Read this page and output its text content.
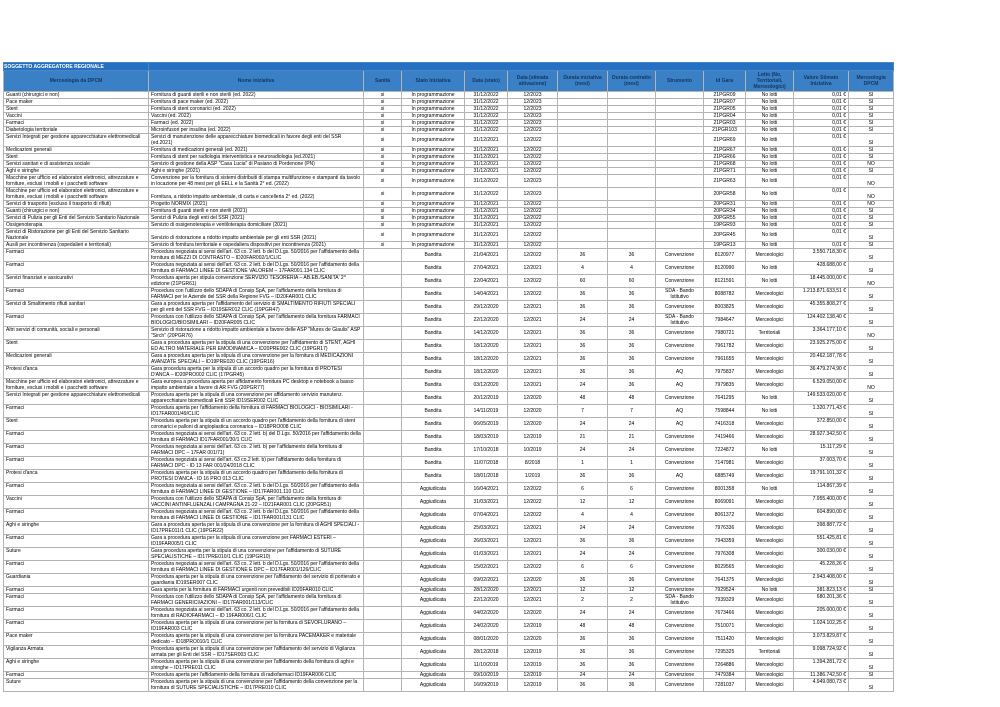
SOGGETTO AGGREGATORE REGIONALE												
Merceologia da DPCM	Nome iniziativa	Sanità	Stato Iniziativa	Data (stato)	Data (stimata attivazione)	Durata iniziativa (mesi)	Durata contratto (mesi)	Strumento	Id Gara	Lotto (No, Territoriali, Merceologici)	Valore Stimato Iniziativa	Merceologia DPCM
Guanti (chirurgici e non)	Fornitura di guanti sterili e non sterili (ed. 2022)	si	In programmazione	31/12/2022	12/2023				21PGR09	No lotti	0,01 €	SI
Pace maker	Fornitura di pace maker (ed. 2022)	si	In programmazione	31/12/2022	12/2023				21PGR07	No lotti	0,01 €	SI
Stent	Fornitura di stent coronarici (ed. 2022)	si	In programmazione	31/12/2022	12/2023				21PGR05	No lotti	0,01 €	SI
Vaccini	Vaccini (ed. 2022)	si	In programmazione	31/12/2022	12/2023				21PGR04	No lotti	0,01 €	SI
Farmaci	Farmaci (ed. 2022)	si	In programmazione	31/12/2022	12/2023				21PGR03	No lotti	0,01 €	SI
Diabetologia territoriale	Microinfusori per insulina (ed. 2022)	si	In programmazione	31/12/2022	12/2023				21PGR103	No lotti	0,01 €	SI
Servizi Integrati per gestione apparecchiature elettromedicali	Servizi di manutenzione delle apparecchiature biomedicali in favore degli enti del SSR (ed.2021)	si	In programmazione	31/12/2021	12/2022				21PGR69	No lotti	0,01 €	SI
Medicazioni generali	Fornitura di medicazioni generali (ed. 2021)	si	In programmazione	31/12/2021	12/2022				21PGR67	No lotti	0,01 €	SI
Stent	Fornitura di stent per radiologia interventistica e neuroradiologia (ed.2021)	si	In programmazione	31/12/2021	12/2022				21PGR66	No lotti	0,01 €	SI
Servizi sanitari e di assistenza sociale	Servizio di gestione della ASP "Casa Lucia" di Pasiano di Pordenone (PN)	si	In programmazione	31/12/2021	12/2022				21PGR68	No lotti	0,01 €	NO
Aghi e siringhe	Aghi e siringhe (2021)	si	In programmazione	31/12/2021	12/2022				21PGR71	No lotti	0,01 €	SI
Macchine per ufficio ed elaboratori elettronici, attrezzature e forniture, esclusi i mobili e i pacchetti software	Convenzione per la fornitura di sistemi distribuiti di stampa multifunzione e stampanti da tavolo in locazione per 48 mesi per gli EELL e la Sanità 2° ed. (2022)	si	In programmazione	31/12/2022	12/2023				21PGR63	No lotti	0,01 €	NO
Macchine per ufficio ed elaboratori elettronici, attrezzature e forniture, esclusi i mobili e i pacchetti software	Fornitura, a ridotto impatto ambientale, di carta e cancelleria 2° ed. (2022)	si	In programmazione	31/12/2022	12/2023				20PGR58	No lotti	0,01 €	NO
Servizi di trasporto (escluso il trasporto di rifiuti)	Progetto NORMIX (2021)	si	In programmazione	31/12/2021	12/2022				20PGR31	No lotti	0,01 €	NO
Guanti (chirurgici e non)	Fornitura di guanti sterili e non sterili (2021)	si	In programmazione	31/12/2021	12/2022				20PGR34	No lotti	0,01 €	SI
Servizi di Pulizia per gli Enti del Servizio Sanitario Nazionale	Servizi di Pulizia degli enti del SSR (2021)	si	In programmazione	31/12/2021	12/2022				20PGR55	No lotti	0,01 €	SI
Ossigenoterapia	Servizio di ossigenoterapia e ventiloterapia domiciliare (2021)	si	In programmazione	31/12/2021	12/2022				19PGR93	No lotti	0,01 €	SI
Servizi di Ristorazione per gli Enti del Servizio Sanitario Nazionale	Servizio di ristorazione a ridotto impatto ambientale per gli enti SSR (2021)	si	In programmazione	31/12/2021	12/2022				20PGR45	No lotti	0,01 €	SI
Ausili per incontinenza (ospedalieri e territoriali)	Servizio di fornitura territoriale e ospedaliera dispositivi per incontinenza (2021)	si	In programmazione	31/12/2021	12/2022				19PGR13	No lotti	0,01 €	SI
Farmaci	Procedura negoziata ai sensi dell'art. 63 co. 2 lett. b del D.Lgs. 50/2016 per l'affidamento della fornitura di MEZZI DI CONTRASTO – ID20FAR002/1/CLIC		Bandita	21/04/2021	12/2022	36	36	Convenzione	8120977	Merceologici	3.550.718,30 €	SI
Farmaci	Procedura negoziata ai sensi dell'art. 63 co. 2 lett. b del D.Lgs. 50/2016 per l'affidamento della fornitura di FARMACI LINEE DI GESTIONE VALOREM – 17FAR001.134 CLIC		Bandita	27/04/2021	12/2021	4	4	Convenzione	8120990	No lotti	428.688,00 €	SI
Servizi finanziari e assicurativi	Procedura aperta per stipula convenzione SERVIZIO TESORERIA – AB.EB./SANITA' 2^ edizione (21PGR61)		Bandita	22/04/2021	12/2022	60	60	Convenzione	8121591	No lotti	18.445.000,00 €	NO
Farmaci	Procedura con l'utilizzo dello SDAPA di Consip SpA, per l'affidamento della fornitura di FARMACI per le Aziende del SSR della Regione FVG – ID20FAR001 CLIC		Bandita	14/04/2021	12/2022	36	36	SDA - Bando Istitutivo	8088782	Merceologici	1.213.871.633,51 €	SI
Servizi di Smaltimento rifiuti sanitari	Gara a procedura aperta per l'affidamento del servizio di SMALTIMENTO RIFIUTI SPECIALI per gli enti del SSR FVG – ID19SER012 CLIC (19PGR47)		Bandita	29/12/2020	12/2021	36	36	Convenzione	8003825	Merceologici	45.355.808,27 €	SI
Farmaci	Procedura con l'utilizzo dello SDAPA di Consip SpA, per l'affidamento della fornitura FARMACI BIOLOGICI/BIOSIMILARI – ID20FAR005 CLIC		Bandita	22/12/2020	12/2021	24	24	SDA - Bando Istitutivo	7984647	Merceologici	124.402.138,40 €	SI
Altri servizi di comunità, sociali e personali	Servizio di ristorazione a ridotto impatto ambientale a favore delle ASP "Mures de Giaulis" ASP "Sirch" (20PGR76)		Bandita	14/12/2020	12/2021	36	36	Convenzione	7980721	Territoriali	3.364.177,10 €	NO
Stent	Gara a procedura aperta per la stipula di una convenzione per l'affidamento di STENT, AGHI ED ALTRO MATERIALE PER EMODINAMICA – ID20PRE002 CLIC (19PGR17)		Bandita	18/12/2020	12/2021	36	36	Convenzione	7961782	Merceologici	23.925.275,00 €	SI
Medicazioni generali	Gara a procedura aperta per la stipula di una convenzione per la fornitura di MEDICAZIONI AVANZATE SPECIALI – ID19PRE020 CLIC (19PGR16)		Bandita	18/12/2020	12/2021	36	36	Convenzione	7961655	Merceologici	20.462.187,78 €	SI
Protesi d'anca	Gara procedura aperta per la stipula di un accordo quadro per la fornitura di PROTESI D'ANCA – ID20PRO002 CLIC (17PGR45)		Bandita	18/12/2020	12/2021	36	36	AQ	7975837	Merceologici	36.479.274,90 €	SI
Macchine per ufficio ed elaboratori elettronici, attrezzature e forniture, esclusi i mobili e i pacchetti software	Gara europea a procedura aperta per affidamento fornitura PC desktop e notebook a basso impatto ambientale a favore di AR FVG (20PGR77)		Bandita	03/12/2020	12/2021	24	36	AQ	7979835	Merceologici	6.529.050,00 €	NO
Servizi Integrati per gestione apparecchiature elettromedicali	Procedura aperta per la stipula di una convenzione per affidamento servizio manutenz. apparecchiature biomedicali Enti SSR ID19SER002 CLIC		Bandita	20/12/2019	12/2020	48	48	Convenzione	7641295	No lotti	149.533.020,00 €	SI
Farmaci	Procedura aperta per l'affidamento della fornitura di FARMACI BIOLOGICI - BIOSIMILARI - ID17FAR001/49/CLIC		Bandita	14/11/2019	12/2020	7	7	AQ	7598844	No lotti	1.320.771,43 €	SI
Stent	Procedura aperta per la stipula di un accordo quadro per l'affidamento della fornitura di stent coronarici e palloni di angioplastica coronarica – ID18PRO008 CLIC		Bandita	06/05/2019	12/2020	24	24	AQ	7416318	Merceologici	372.850,00 €	SI
Farmaci	Procedura negoziata ai sensi dell'art. 63 co. 2 lett. b) del D.Lgs. 50/2016 per l'affidamento della fornitura di FARMACI ID17FAR001/30/1 CLIC		Bandita	18/03/2019	12/2019	21	21	Convenzione	7419466	Merceologici	28.927.342,50 €	SI
Farmaci	Procedura negoziata ai sensi dell'art. 63 co. 2 lett. b) per l'affidamento della fornitura di FARMACI DPC – 17FAR 001/71)		Bandita	17/10/2018	10/2019	24	24	Convenzione	7224872	No lotti	15.117,29 €	SI
Farmaci	Procedura negoziata ai sensi dell'art. 63 co.2 lett. b) per l'affidamento della fornitura di FARMACI DPC - ID 13 FAR 001/24/2018 CLIC		Bandita	11/07/2018	8/2018	1	1	Convenzione	7147981	Merceologici	37.003,70 €	SI
Protesi d'anca	Procedura aperta per la stipula di un accordo quadro per l'affidamento della fornitura di PROTESI D'ANCA - ID 16 PRO 013 CLIC		Bandita	18/01/2018	1/2019	36	36	AQ	6885749	Merceologici	19.791.101,32 €	SI
Farmaci	Procedura negoziata ai sensi dell'art. 63 co. 2 lett. b del D.Lgs. 50/2016 per l'affidamento della fornitura di FARMACI LINEE DI GESTIONE – ID17FAR001.110 CLIC		Aggiudicata	16/04/2021	12/2022	6	6	Convenzione	8001358	No lotti	114.867,39 €	SI
Vaccini	Procedura con l'utilizzo dello SDAPA di Consip SpA, per l'affidamento della fornitura di VACCINI ANTINFLUENZALI CAMPAGNA 21-22 – ID21FAR001 CLIC (20PGR51)		Aggiudicata	31/03/2021	12/2022	12	12	Convenzione	8069091	Merceologici	7.955.400,00 €	SI
Farmaci	Procedura negoziata ai sensi dell'art. 63 co. 2 lett. b del D.Lgs. 50/2016 per l'affidamento della fornitura di FARMACI LINEE DI GESTIONE – ID17FAR001/131 CLIC		Aggiudicata	07/04/2021	12/2022	4	4	Convenzione	8061372	Merceologici	604.890,00 €	SI
Aghi e siringhe	Gara a procedura aperta per la stipula di una convenzione per la fornitura di AGHI SPECIALI - ID17PRE011/1 CLIC (19PGR22)		Aggiudicata	25/03/2021	12/2021	24	24	Convenzione	7976336	Merceologici	398.887,72 €	SI
Farmaci	Gara a procedura aperta per la stipula di una convenzione per FARMACI ESTERI – ID19FAR005/1 CLIC		Aggiudicata	26/03/2021	12/2021	36	36	Convenzione	7943359	Merceologici	551.425,81 €	SI
Suture	Gara procedura aperta per la stipula di una convenzione per l'affidamento di SUTURE SPECIALISTICHE – ID17PRE010/1 CLIC (19PGR10)		Aggiudicata	01/03/2021	12/2021	24	24	Convenzione	7976308	Merceologici	300.030,00 €	SI
Farmaci	Procedura negoziata ai sensi dell'art. 63 co. 2 lett. b del D.Lgs. 50/2016 per l'affidamento della fornitura di FARMACI LINEE DI GESTIONE E DPC – ID17FAR001/126/CLIC		Aggiudicata	15/02/2021	12/2022	6	6	Convenzione	8029565	Merceologici	45.228,26 €	SI
Guardiania	Procedura aperta per la stipula di una convenzione per l'affidamento del servizio di portierato e guardiania ID19SER007 CLIC		Aggiudicata	09/02/2021	12/2020	36	36	Convenzione	7641375	Merceologici	2.943.408,00 €	SI
Farmaci	Gara aperta per la fornitura di FARMACI urgenti non prevedibili ID20FAR010 CLIC		Aggiudicata	28/12/2020	12/2021	12	12	Convenzione	7929524	No lotti	381.823,13 €	SI
Farmaci	Procedura con l'utilizzo dello SDAPA di Consip SpA, per l'affidamento della fornitura di FARMACI GENERICI/AZIONI – ID17FAR001/113/CLIC		Aggiudicata	22/12/2020	12/2021	2	2	SDA - Bando Istitutivo	7939329	Merceologici	680.201,36 €	SI
Farmaci	Procedura negoziata ai sensi dell'art. 63 co. 2 lett. b del D.Lgs. 50/2016 per l'affidamento della fornitura di RADIOFARMACI – ID 19FAR006/1 CLIC		Aggiudicata	04/02/2020	12/2020	24	24	Convenzione	7673466	Merceologici	205.000,00 €	SI
Farmaci	Procedura aperta per la stipula di una convenzione per la fornitura di SEVOFLURANO – ID19FAR003 CLIC		Aggiudicata	24/02/2020	12/2019	48	48	Convenzione	7510071	Merceologici	1.024.102,25 €	SI
Pace maker	Procedura aperta per la stipula di una convenzione per la fornitura PACEMAKER e materiale dedicato – ID18PRO010/1 CLIC		Aggiudicata	08/01/2020	12/2020	36	36	Convenzione	7511420	Merceologici	3.073.829,87 €	SI
Vigilanza Armata	Procedura aperta per la stipula di una convenzione per l'affidamento del servizio di Vigilanza armata per gli Enti del SSR – ID17SER003 CLIC		Aggiudicata	28/12/2018	12/2019	36	36	Convenzione	7295325	Territoriali	9.098.724,92 €	SI
Aghi e siringhe	Procedura aperta per la stipula di una convenzione per l'affidamento della fornitura di aghi e siringhe – ID17PRE011 CLIC		Aggiudicata	11/10/2019	12/2019	36	36	Convenzione	7264886	Merceologici	1.394.281,72 €	SI
Farmaci	Procedura aperta per l'affidamento della fornitura di radiofarmaci ID19FAR006 CLIC		Aggiudicata	09/10/2019	12/2019	24	24	Convenzione	7479384	Merceologici	11.386.742,50 €	SI
Suture	Procedura aperta per la stipula di una convenzione per l'affidamento della convenzione per la fornitura di SUTURE SPECIALISTICHE – ID17PRE010 CLIC		Aggiudicata	16/09/2019	12/2019	36	36	Convenzione	7281037	Merceologici	4.949.080,73 €	SI
